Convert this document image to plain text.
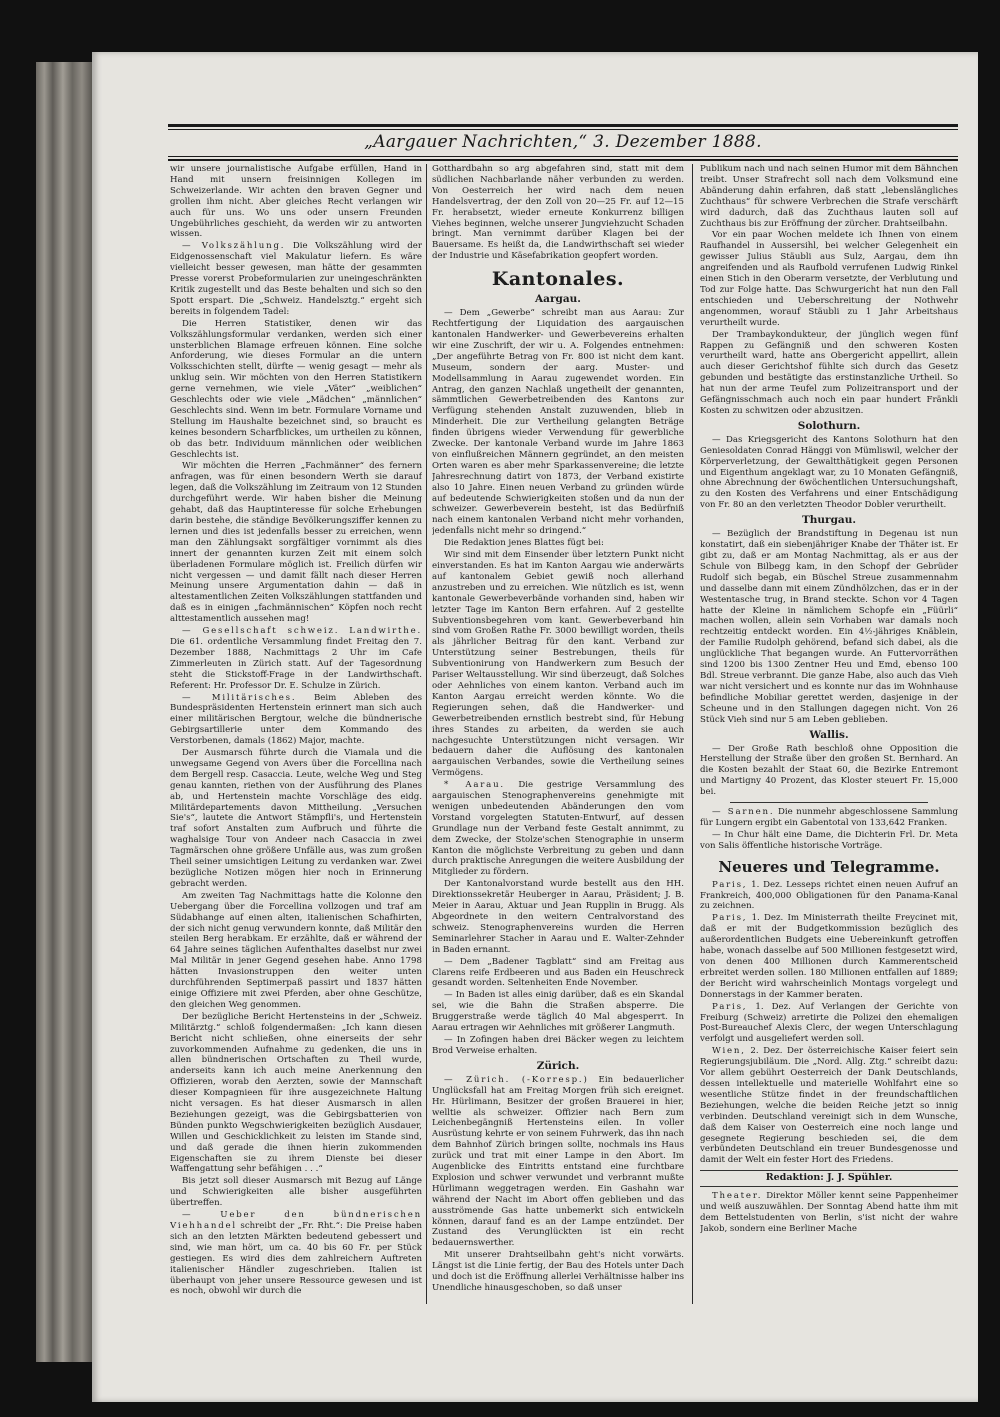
„Aargauer Nachrichten,“ 3. Dezember 1888.

wir unsere journalistische Aufgabe erfüllen, Hand in Hand mit unsern freisinnigen Kollegen im Schweizerlande. Wir achten den braven Gegner und grollen ihm nicht. Aber gleiches Recht verlangen wir auch für uns. Wo uns oder unsern Freunden Ungebührliches geschieht, da werden wir zu antworten wissen.

— Volkszählung. Die Volkszählung wird der Eidgenossenschaft viel Makulatur liefern. Es wäre vielleicht besser gewesen, man hätte der gesammten Presse vorerst Probeformularien zur uneingeschränkten Kritik zugestellt und das Beste behalten und sich so den Spott erspart. Die „Schweiz. Handelsztg.“ ergeht sich bereits in folgendem Tadel:

Die Herren Statistiker, denen wir das Volkszählungsformular verdanken, werden sich einer unsterblichen Blamage erfreuen können. Eine solche Anforderung, wie dieses Formular an die untern Volksschichten stellt, dürfte — wenig gesagt — mehr als unklug sein. Wir möchten von den Herren Statistikern gerne vernehmen, wie viele „Väter“ „weiblichen“ Geschlechts oder wie viele „Mädchen“ „männlichen“ Geschlechts sind. Wenn im betr. Formulare Vorname und Stellung im Haushalte bezeichnet sind, so braucht es keines besondern Scharfblickes, um urtheilen zu können, ob das betr. Individuum männlichen oder weiblichen Geschlechts ist.

Wir möchten die Herren „Fachmänner“ des fernern anfragen, was für einen besondern Werth sie darauf legen, daß die Volkszählung im Zeitraum von 12 Stunden durchgeführt werde. Wir haben bisher die Meinung gehabt, daß das Hauptinteresse für solche Erhebungen darin bestehe, die ständige Bevölkerungsziffer kennen zu lernen und dies ist jedenfalls besser zu erreichen, wenn man den Zählungsakt sorgfältiger vornimmt als dies innert der genannten kurzen Zeit mit einem solch überladenen Formulare möglich ist. Freilich dürfen wir nicht vergessen — und damit fällt nach dieser Herren Meinung unsere Argumentation dahin — daß in altestamentlichen Zeiten Volkszählungen stattfanden und daß es in einigen „fachmännischen“ Köpfen noch recht alttestamentlich aussehen mag!

— Gesellschaft schweiz. Landwirthe. Die 61. ordentliche Versammlung findet Freitag den 7. Dezember 1888, Nachmittags 2 Uhr im Cafe Zimmerleuten in Zürich statt. Auf der Tagesordnung steht die Stickstoff-Frage in der Landwirthschaft. Referent: Hr. Professor Dr. E. Schulze in Zürich.

— Militärisches. Beim Ableben des Bundespräsidenten Hertenstein erinnert man sich auch einer militärischen Bergtour, welche die bündnerische Gebirgsartillerie unter dem Kommando des Verstorbenen, damals (1862) Major, machte.

Der Ausmarsch führte durch die Viamala und die unwegsame Gegend von Avers über die Forcellina nach dem Bergell resp. Casaccia. Leute, welche Weg und Steg genau kannten, riethen von der Ausführung des Planes ab, und Hertenstein machte Vorschläge des eidg. Militärdepartements davon Mittheilung. „Versuchen Sie's“, lautete die Antwort Stämpfli's, und Hertenstein traf sofort Anstalten zum Aufbruch und führte die waghalsige Tour von Andeer nach Casaccia in zwei Tagmärschen ohne größere Unfälle aus, was zum großen Theil seiner umsichtigen Leitung zu verdanken war. Zwei bezügliche Notizen mögen hier noch in Erinnerung gebracht werden.

Am zweiten Tag Nachmittags hatte die Kolonne den Uebergang über die Forcellina vollzogen und traf am Südabhange auf einen alten, italienischen Schafhirten, der sich nicht genug verwundern konnte, daß Militär den steilen Berg herabkam. Er erzählte, daß er während der 64 Jahre seines täglichen Aufenthaltes daselbst nur zwei Mal Militär in jener Gegend gesehen habe. Anno 1798 hätten Invasionstruppen den weiter unten durchführenden Septimerpaß passirt und 1837 hätten einige Offiziere mit zwei Pferden, aber ohne Geschütze, den gleichen Weg genommen.

Der bezügliche Bericht Hertensteins in der „Schweiz. Militärztg.“ schloß folgendermaßen: „Ich kann diesen Bericht nicht schließen, ohne einerseits der sehr zuvorkommenden Aufnahme zu gedenken, die uns in allen bündnerischen Ortschaften zu Theil wurde, anderseits kann ich auch meine Anerkennung den Offizieren, worab den Aerzten, sowie der Mannschaft dieser Kompagnieen für ihre ausgezeichnete Haltung nicht versagen. Es hat dieser Ausmarsch in allen Beziehungen gezeigt, was die Gebirgsbatterien von Bünden punkto Wegschwierigkeiten bezüglich Ausdauer, Willen und Geschicklichkeit zu leisten im Stande sind, und daß gerade die ihnen hierin zukommenden Eigenschaften sie zu ihrem Dienste bei dieser Waffengattung sehr befähigen . . .“

Bis jetzt soll dieser Ausmarsch mit Bezug auf Länge und Schwierigkeiten alle bisher ausgeführten übertreffen.

— Ueber den bündnerischen Viehhandel schreibt der „Fr. Rht.“: Die Preise haben sich an den letzten Märkten bedeutend gebessert und sind, wie man hört, um ca. 40 bis 60 Fr. per Stück gestiegen. Es wird dies dem zahlreichern Auftreten italienischer Händler zugeschrieben. Italien ist überhaupt von jeher unsere Ressource gewesen und ist es noch, obwohl wir durch die

Gotthardbahn so arg abgefahren sind, statt mit dem südlichen Nachbarlande näher verbunden zu werden. Von Oesterreich her wird nach dem neuen Handelsvertrag, der den Zoll von 20—25 Fr. auf 12—15 Fr. herabsetzt, wieder erneute Konkurrenz billigen Viehes beginnen, welche unserer Jungviehzucht Schaden bringt. Man vernimmt darüber Klagen bei der Bauersame. Es heißt da, die Landwirthschaft sei wieder der Industrie und Käsefabrikation geopfert worden.

Kantonales.
Aargau.

— Dem „Gewerbe“ schreibt man aus Aarau: Zur Rechtfertigung der Liquidation des aargauischen kantonalen Handwerker- und Gewerbevereins erhalten wir eine Zuschrift, der wir u. A. Folgendes entnehmen: „Der angeführte Betrag von Fr. 800 ist nicht dem kant. Museum, sondern der aarg. Muster- und Modellsammlung in Aarau zugewendet worden. Ein Antrag, den ganzen Nachlaß ungetheilt der genannten, sämmtlichen Gewerbetreibenden des Kantons zur Verfügung stehenden Anstalt zuzuwenden, blieb in Minderheit. Die zur Vertheilung gelangten Beträge finden übrigens wieder Verwendung für gewerbliche Zwecke. Der kantonale Verband wurde im Jahre 1863 von einflußreichen Männern gegründet, an den meisten Orten waren es aber mehr Sparkassenvereine; die letzte Jahresrechnung datirt von 1873, der Verband existirte also 10 Jahre. Einen neuen Verband zu gründen würde auf bedeutende Schwierigkeiten stoßen und da nun der schweizer. Gewerbeverein besteht, ist das Bedürfniß nach einem kantonalen Verband nicht mehr vorhanden, jedenfalls nicht mehr so dringend.“

Die Redaktion jenes Blattes fügt bei:

Wir sind mit dem Einsender über letztern Punkt nicht einverstanden. Es hat im Kanton Aargau wie anderwärts auf kantonalem Gebiet gewiß noch allerhand anzustreben und zu erreichen. Wie nützlich es ist, wenn kantonale Gewerbeverbände vorhanden sind, haben wir letzter Tage im Kanton Bern erfahren. Auf 2 gestellte Subventionsbegehren vom kant. Gewerbeverband hin sind vom Großen Rathe Fr. 3000 bewilligt worden, theils als jährlicher Beitrag für den kant. Verband zur Unterstützung seiner Bestrebungen, theils für Subventionirung von Handwerkern zum Besuch der Pariser Weltausstellung. Wir sind überzeugt, daß Solches oder Aehnliches von einem kanton. Verband auch im Kanton Aargau erreicht werden könnte. Wo die Regierungen sehen, daß die Handwerker- und Gewerbetreibenden ernstlich bestrebt sind, für Hebung ihres Standes zu arbeiten, da werden sie auch nachgesuchte Unterstützungen nicht versagen. Wir bedauern daher die Auflösung des kantonalen aargauischen Verbandes, sowie die Vertheilung seines Vermögens.

* Aarau. Die gestrige Versammlung des aargauischen Stenographenvereins genehmigte mit wenigen unbedeutenden Abänderungen den vom Vorstand vorgelegten Statuten-Entwurf, auf dessen Grundlage nun der Verband feste Gestalt annimmt, zu dem Zwecke, der Stolze'schen Stenographie in unserm Kanton die möglichste Verbreitung zu geben und dann durch praktische Anregungen die weitere Ausbildung der Mitglieder zu fördern.

Der Kantonalvorstand wurde bestellt aus den HH. Direktionssekretär Heuberger in Aarau, Präsident; J. B. Meier in Aarau, Aktuar und Jean Rupplin in Brugg. Als Abgeordnete in den weitern Centralvorstand des schweiz. Stenographenvereins wurden die Herren Seminarlehrer Stacher in Aarau und E. Walter-Zehnder in Baden ernannt.

— Dem „Badener Tagblatt“ sind am Freitag aus Clarens reife Erdbeeren und aus Baden ein Heuschreck gesandt worden. Seltenheiten Ende November.

— In Baden ist alles einig darüber, daß es ein Skandal sei, wie die Bahn die Straßen absperre. Die Bruggerstraße werde täglich 40 Mal abgesperrt. In Aarau ertragen wir Aehnliches mit größerer Langmuth.

— In Zofingen haben drei Bäcker wegen zu leichtem Brod Verweise erhalten.

Zürich.

— Zürich. (-Korresp.) Ein bedauerlicher Unglücksfall hat am Freitag Morgen früh sich ereignet. Hr. Hürlimann, Besitzer der großen Brauerei in hier, welltie als schweizer. Offizier nach Bern zum Leichenbegängniß Hertensteins eilen. In voller Ausrüstung kehrte er von seinem Fuhrwerk, das ihn nach dem Bahnhof Zürich bringen sollte, nochmals ins Haus zurück und trat mit einer Lampe in den Abort. Im Augenblicke des Eintritts entstand eine furchtbare Explosion und schwer verwundet und verbrannt mußte Hürlimann weggetragen werden. Ein Gashahn war während der Nacht im Abort offen geblieben und das ausströmende Gas hatte unbemerkt sich entwickeln können, darauf fand es an der Lampe entzündet. Der Zustand des Verunglückten ist ein recht bedauernswerther.

Mit unserer Drahtseilbahn geht's nicht vorwärts. Längst ist die Linie fertig, der Bau des Hotels unter Dach und doch ist die Eröffnung allerlei Verhältnisse halber ins Unendliche hinausgeschoben, so daß unser

Publikum nach und nach seinen Humor mit dem Bähnchen treibt. Unser Strafrecht soll nach dem Volksmund eine Abänderung dahin erfahren, daß statt „lebenslängliches Zuchthaus“ für schwere Verbrechen die Strafe verschärft wird dadurch, daß das Zuchthaus lauten soll auf Zuchthaus bis zur Eröffnung der zürcher. Drahtseilbahn.

Vor ein paar Wochen meldete ich Ihnen von einem Raufhandel in Aussersihl, bei welcher Gelegenheit ein gewisser Julius Stäubli aus Sulz, Aargau, dem ihn angreifenden und als Raufbold verrufenen Ludwig Rinkel einen Stich in den Oberarm versetzte, der Verblutung und Tod zur Folge hatte. Das Schwurgericht hat nun den Fall entschieden und Ueberschreitung der Nothwehr angenommen, worauf Stäubli zu 1 Jahr Arbeitshaus verurtheilt wurde.

Der Trambaykondukteur, der jünglich wegen fünf Rappen zu Gefängniß und den schweren Kosten verurtheilt ward, hatte ans Obergericht appellirt, allein auch dieser Gerichtshof fühlte sich durch das Gesetz gebunden und bestätigte das erstinstanzliche Urtheil. So hat nun der arme Teufel zum Polizeitransport und der Gefängnisschmach auch noch ein paar hundert Fränkli Kosten zu schwitzen oder abzusitzen.

Solothurn.

— Das Kriegsgericht des Kantons Solothurn hat den Geniesoldaten Conrad Hänggi von Mümliswil, welcher der Körperverletzung, der Gewaltthätigkeit gegen Personen und Eigenthum angeklagt war, zu 10 Monaten Gefängniß, ohne Abrechnung der 6wöchentlichen Untersuchungshaft, zu den Kosten des Verfahrens und einer Entschädigung von Fr. 80 an den verletzten Theodor Dobler verurtheilt.

Thurgau.

— Bezüglich der Brandstiftung in Degenau ist nun konstatirt, daß ein siebenjähriger Knabe der Thäter ist. Er gibt zu, daß er am Montag Nachmittag, als er aus der Schule von Bilbegg kam, in den Schopf der Gebrüder Rudolf sich begab, ein Büschel Streue zusammennahm und dasselbe dann mit einem Zündhölzchen, das er in der Westentasche trug, in Brand steckte. Schon vor 4 Tagen hatte der Kleine in nämlichem Schopfe ein „Füürli“ machen wollen, allein sein Vorhaben war damals noch rechtzeitig entdeckt worden. Ein 4½-jähriges Knäblein, der Familie Rudolph gehörend, befand sich dabei, als die unglückliche That begangen wurde. An Futtervorräthen sind 1200 bis 1300 Zentner Heu und Emd, ebenso 100 Bdl. Streue verbrannt. Die ganze Habe, also auch das Vieh war nicht versichert und es konnte nur das im Wohnhause befindliche Mobiliar gerettet werden, dasjenige in der Scheune und in den Stallungen dagegen nicht. Von 26 Stück Vieh sind nur 5 am Leben geblieben.

Wallis.

— Der Große Rath beschloß ohne Opposition die Herstellung der Straße über den großen St. Bernhard. An die Kosten bezahlt der Staat 60, die Bezirke Entremont und Martigny 40 Prozent, das Kloster steuert Fr. 15,000 bei.

— Sarnen. Die nunmehr abgeschlossene Sammlung für Lungern ergibt ein Gabentotal von 133,642 Franken.

— In Chur hält eine Dame, die Dichterin Frl. Dr. Meta von Salis öffentliche historische Vorträge.

Neueres und Telegramme.

Paris, 1. Dez. Lesseps richtet einen neuen Aufruf an Frankreich, 400,000 Obligationen für den Panama-Kanal zu zeichnen.

Paris, 1. Dez. Im Ministerrath theilte Freycinet mit, daß er mit der Budgetkommission bezüglich des außerordentlichen Budgets eine Uebereinkunft getroffen habe, wonach dasselbe auf 500 Millionen festgesetzt wird, von denen 400 Millionen durch Kammerentscheid erbreitet werden sollen. 180 Millionen entfallen auf 1889; der Bericht wird wahrscheinlich Montags vorgelegt und Donnerstags in der Kammer beraten.

Paris, 1. Dez. Auf Verlangen der Gerichte von Freiburg (Schweiz) arretirte die Polizei den ehemaligen Post-Bureauchef Alexis Clerc, der wegen Unterschlagung verfolgt und ausgeliefert werden soll.

Wien, 2. Dez. Der österreichische Kaiser feiert sein Regierungsjubiläum. Die „Nord. Allg. Ztg.“ schreibt dazu: Vor allem gebührt Oesterreich der Dank Deutschlands, dessen intellektuelle und materielle Wohlfahrt eine so wesentliche Stütze findet in der freundschaftlichen Beziehungen, welche die beiden Reiche jetzt so innig verbinden. Deutschland vereinigt sich in dem Wunsche, daß dem Kaiser von Oesterreich eine noch lange und gesegnete Regierung beschieden sei, die dem verbündeten Deutschland ein treuer Bundesgenosse und damit der Welt ein fester Hort des Friedens.

Redaktion: J. J. Spühler.

Theater. Direktor Möller kennt seine Pappenheimer und weiß auszuwählen. Der Sonntag Abend hatte ihm mit dem Bettelstudenten von Berlin, s'ist nicht der wahre Jakob, sondern eine Berliner Mache
